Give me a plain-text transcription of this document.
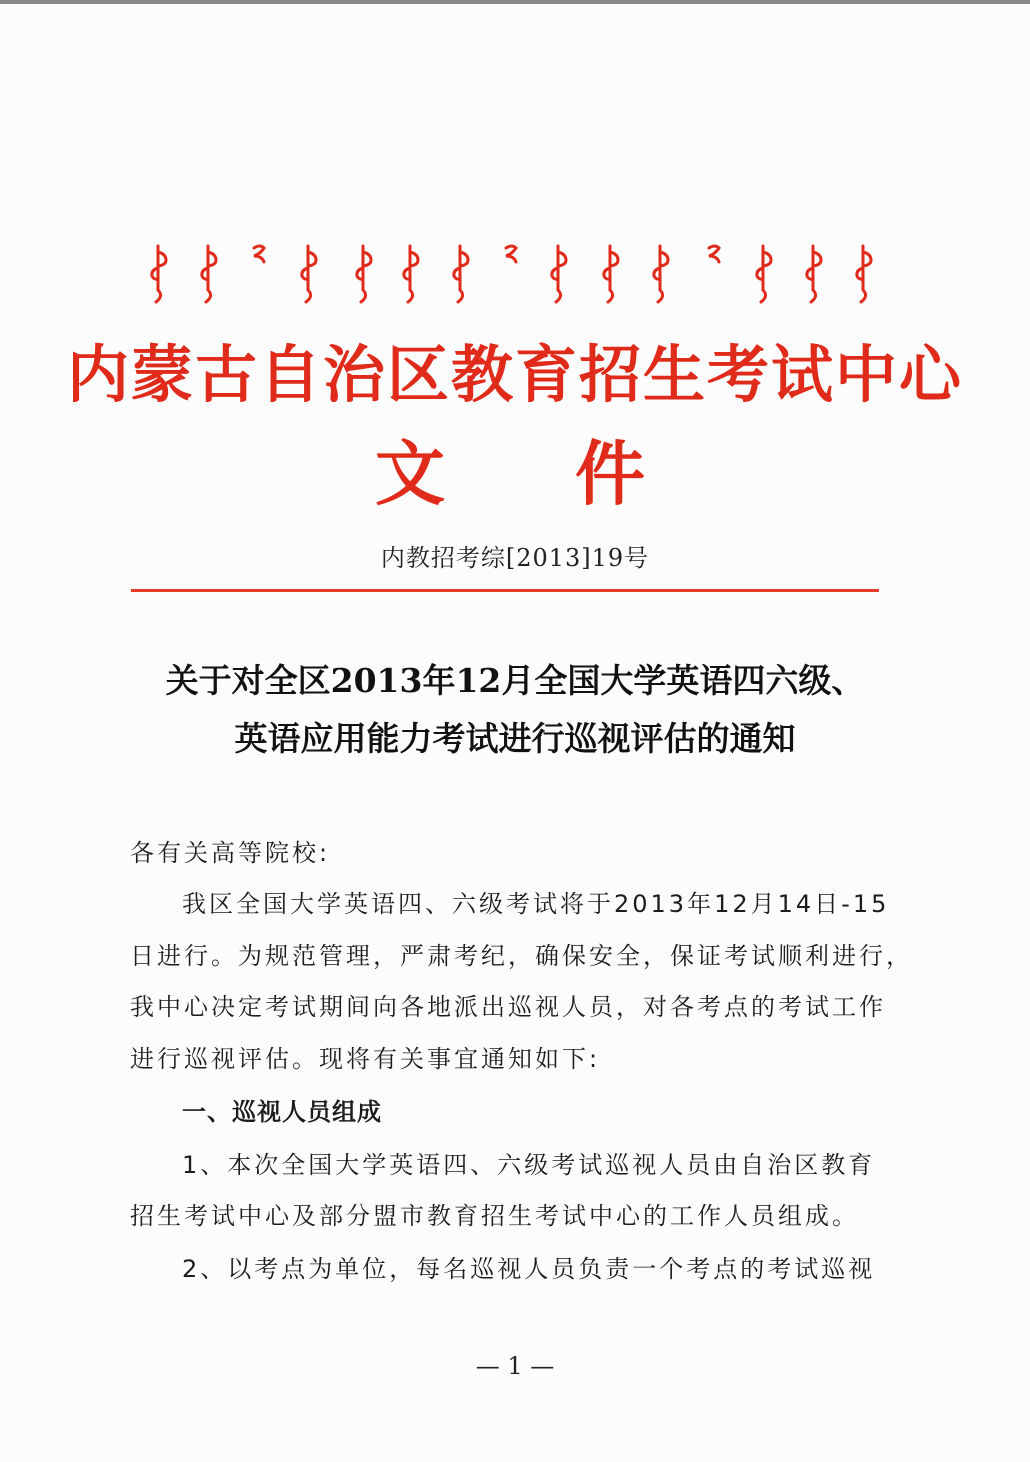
内蒙古自治区教育招生考试中心
文	件
内教招考综[2013]19号
关于对全区2013年12月全国大学英语四六级、
英语应用能力考试进行巡视评估的通知
各有关高等院校:
我区全国大学英语四、六级考试将于2013年12月14日-15
日进行。为规范管理，严肃考纪，确保安全，保证考试顺利进行，
我中心决定考试期间向各地派出巡视人员，对各考点的考试工作
进行巡视评估。现将有关事宜通知如下:
一、巡视人员组成
1、本次全国大学英语四、六级考试巡视人员由自治区教育
招生考试中心及部分盟市教育招生考试中心的工作人员组成。
2、以考点为单位，每名巡视人员负责一个考点的考试巡视
— 1 —
